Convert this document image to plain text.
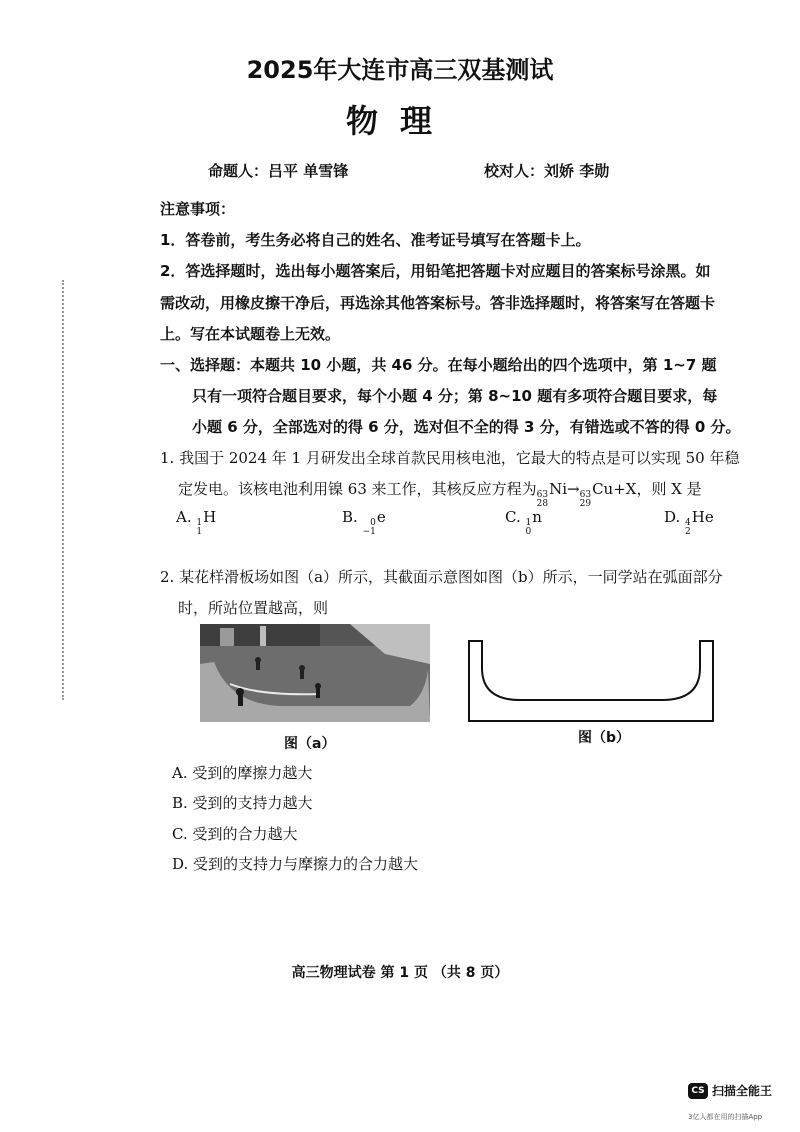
2025年大连市高三双基测试
物理
命题人：吕平 单雪锋	校对人：刘娇 李勋
注意事项：
1．答卷前，考生务必将自己的姓名、准考证号填写在答题卡上。
2．答选择题时，选出每小题答案后，用铅笔把答题卡对应题目的答案标号涂黑。如
需改动，用橡皮擦干净后，再选涂其他答案标号。答非选择题时，将答案写在答题卡
上。写在本试题卷上无效。
一、选择题：本题共 10 小题，共 46 分。在每小题给出的四个选项中，第 1~7 题
只有一项符合题目要求，每个小题 4 分；第 8~10 题有多项符合题目要求，每
小题 6 分，全部选对的得 6 分，选对但不全的得 3 分，有错选或不答的得 0 分。
1. 我国于 2024 年 1 月研发出全球首款民用核电池，它最大的特点是可以实现 50 年稳
定发电。该核电池利用镍 63 来工作，其核反应方程为 63
28
Ni→ 63
29
Cu+X，则 X 是
A. 1
1
H	B.	0
−1
e	C. 1
0
n	D. 4
2
He
2. 某花样滑板场如图（a）所示，其截面示意图如图（b）所示，一同学站在弧面部分
时，所站位置越高，则
图（a）	图（b）
A. 受到的摩擦力越大
B. 受到的支持力越大
C. 受到的合力越大
D. 受到的支持力与摩擦力的合力越大
高三物理试卷 第 1 页 （共 8 页）
CS 扫描全能王
3亿人都在用的扫描App
